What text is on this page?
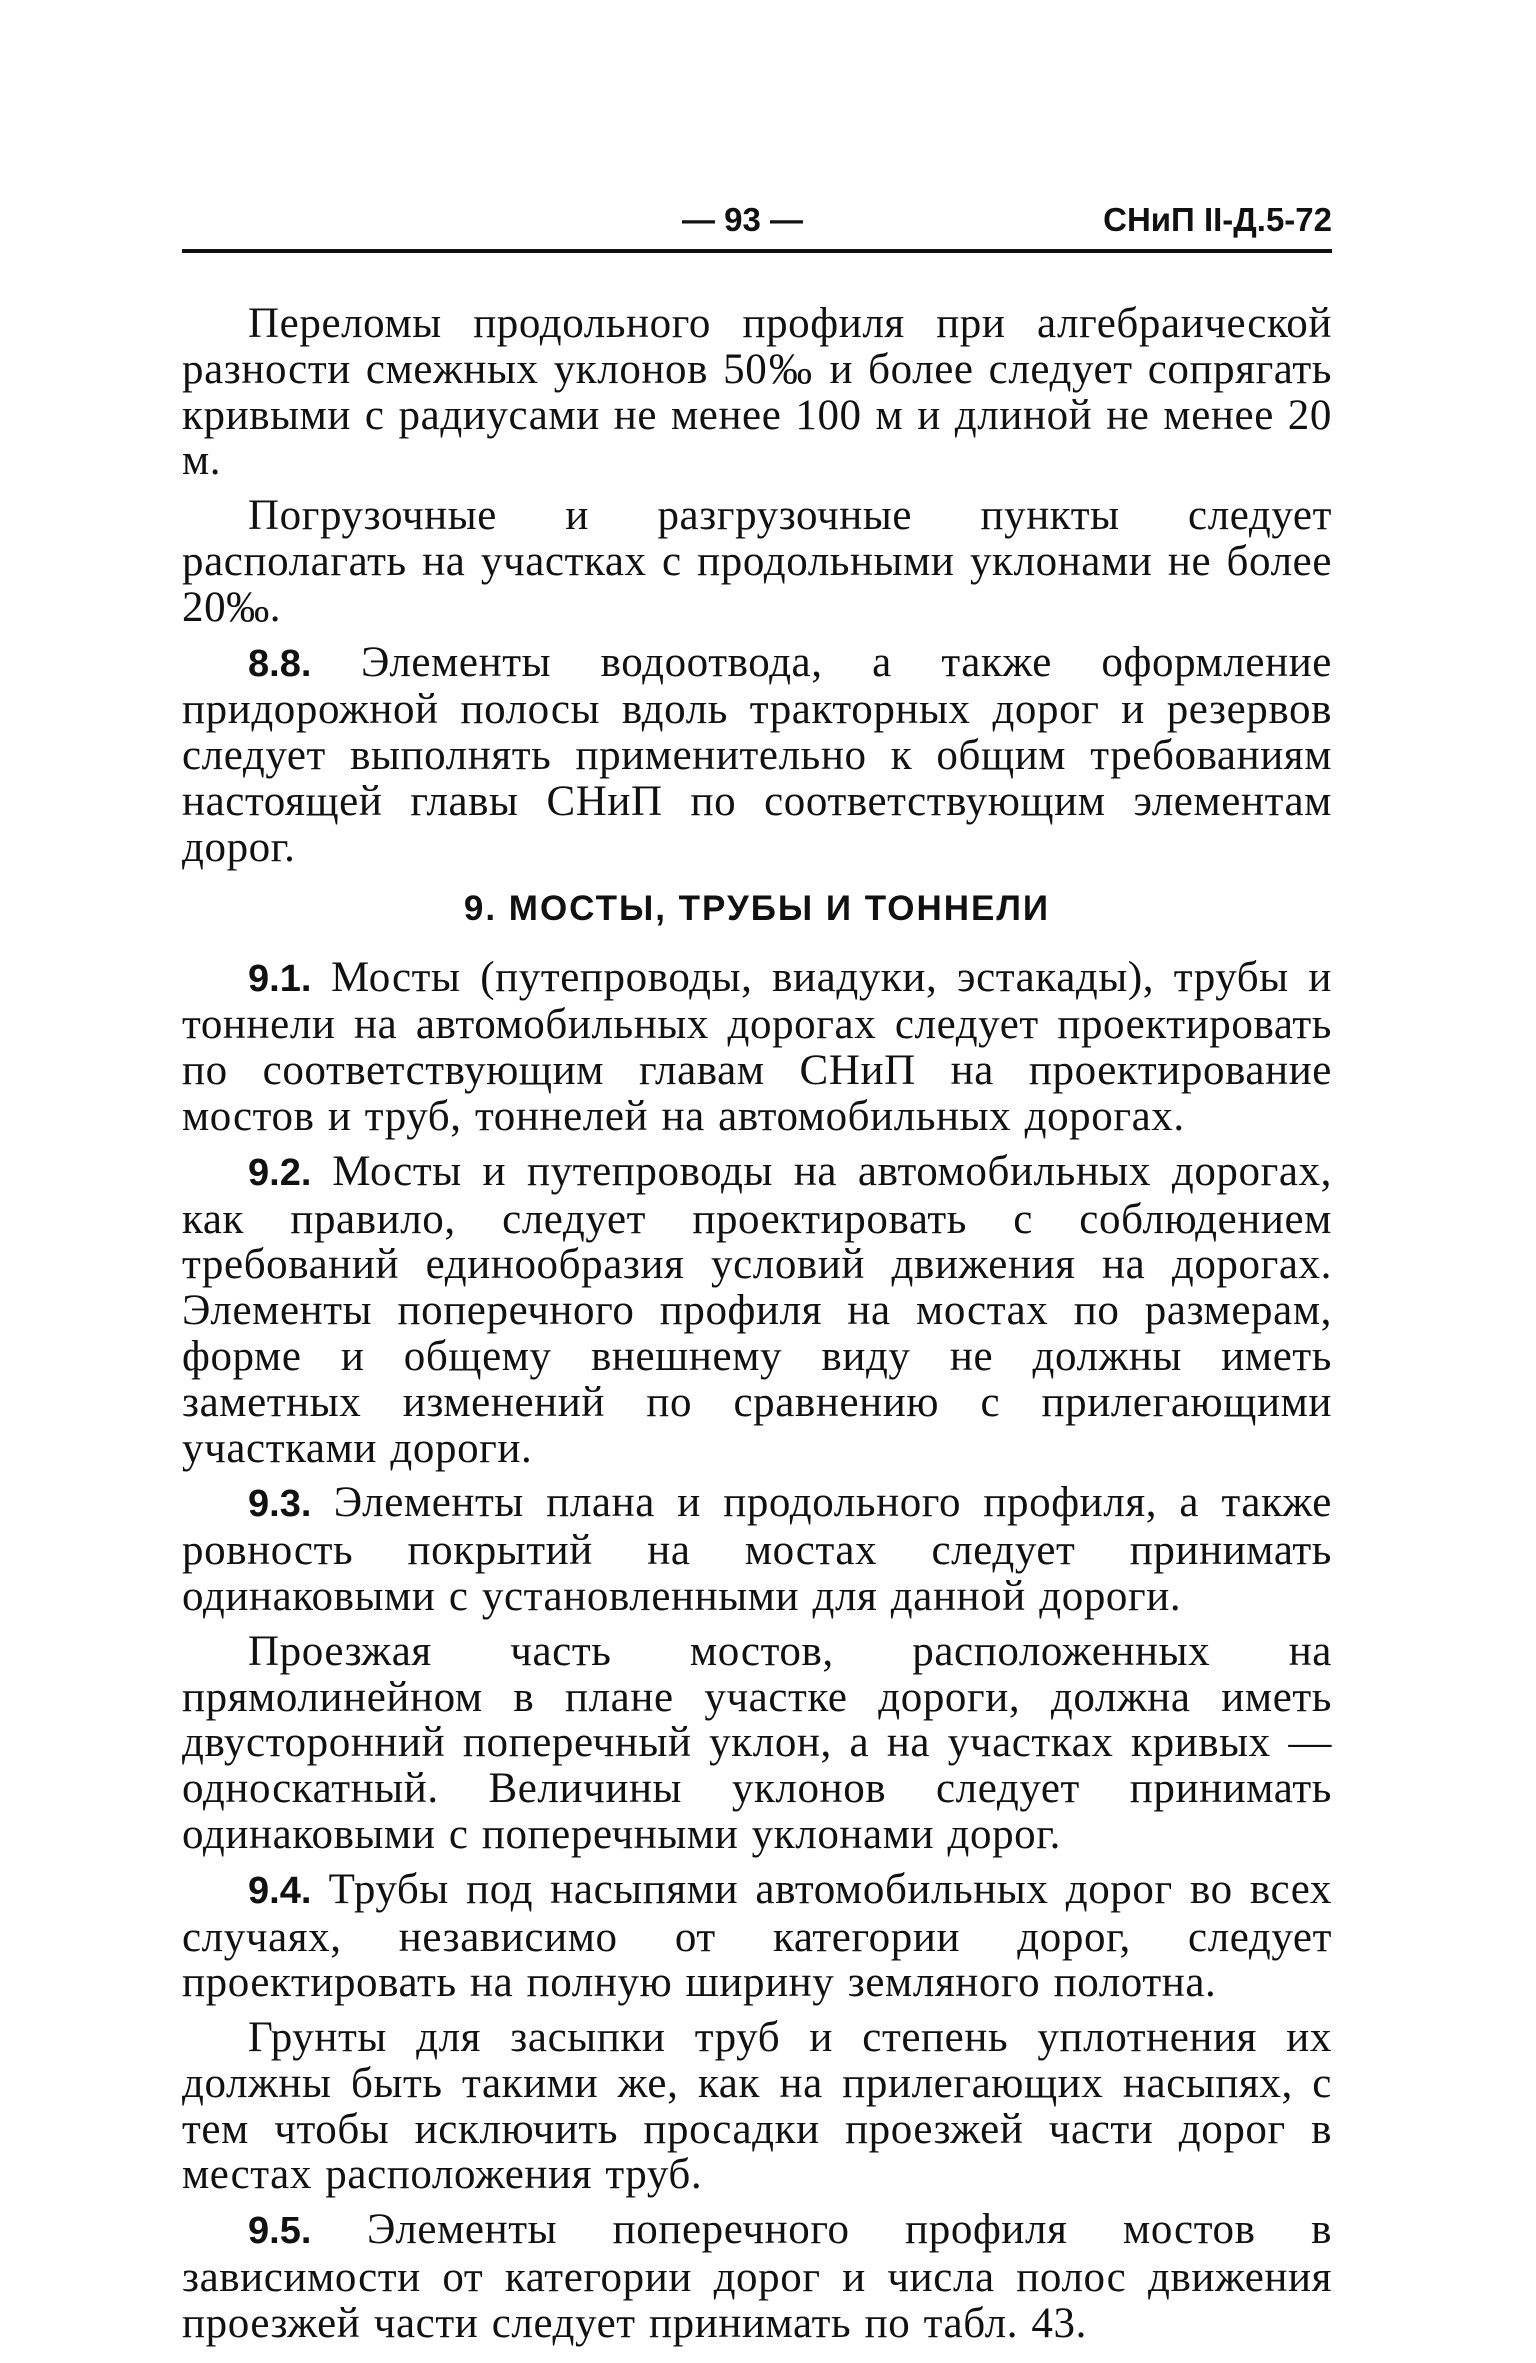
— 93 —	СНиП II-Д.5-72

Переломы продольного профиля при алгебраической разности смежных уклонов 50‰ и более следует сопрягать кривыми с радиусами не менее 100 м и длиной не менее 20 м.

Погрузочные и разгрузочные пункты следует располагать на участках с продольными уклонами не более 20‰.

8.8. Элементы водоотвода, а также оформление придорожной полосы вдоль тракторных дорог и резервов следует выполнять применительно к общим требованиям настоящей главы СНиП по соответствующим элементам дорог.

9. МОСТЫ, ТРУБЫ И ТОННЕЛИ

9.1. Мосты (путепроводы, виадуки, эстакады), трубы и тоннели на автомобильных дорогах следует проектировать по соответствующим главам СНиП на проектирование мостов и труб, тоннелей на автомобильных дорогах.

9.2. Мосты и путепроводы на автомобильных дорогах, как правило, следует проектировать с соблюдением требований единообразия условий движения на дорогах. Элементы поперечного профиля на мостах по размерам, форме и общему внешнему виду не должны иметь заметных изменений по сравнению с прилегающими участками дороги.

9.3. Элементы плана и продольного профиля, а также ровность покрытий на мостах следует принимать одинаковыми с установленными для данной дороги.

Проезжая часть мостов, расположенных на прямолинейном в плане участке дороги, должна иметь двусторонний поперечный уклон, а на участках кривых — односкатный. Величины уклонов следует принимать одинаковыми с поперечными уклонами дорог.

9.4. Трубы под насыпями автомобильных дорог во всех случаях, независимо от категории дорог, следует проектировать на полную ширину земляного полотна.

Грунты для засыпки труб и степень уплотнения их должны быть такими же, как на прилегающих насыпях, с тем чтобы исключить просадки проезжей части дорог в местах расположения труб.

9.5. Элементы поперечного профиля мостов в зависимости от категории дорог и числа полос движения проезжей части следует принимать по табл. 43.
